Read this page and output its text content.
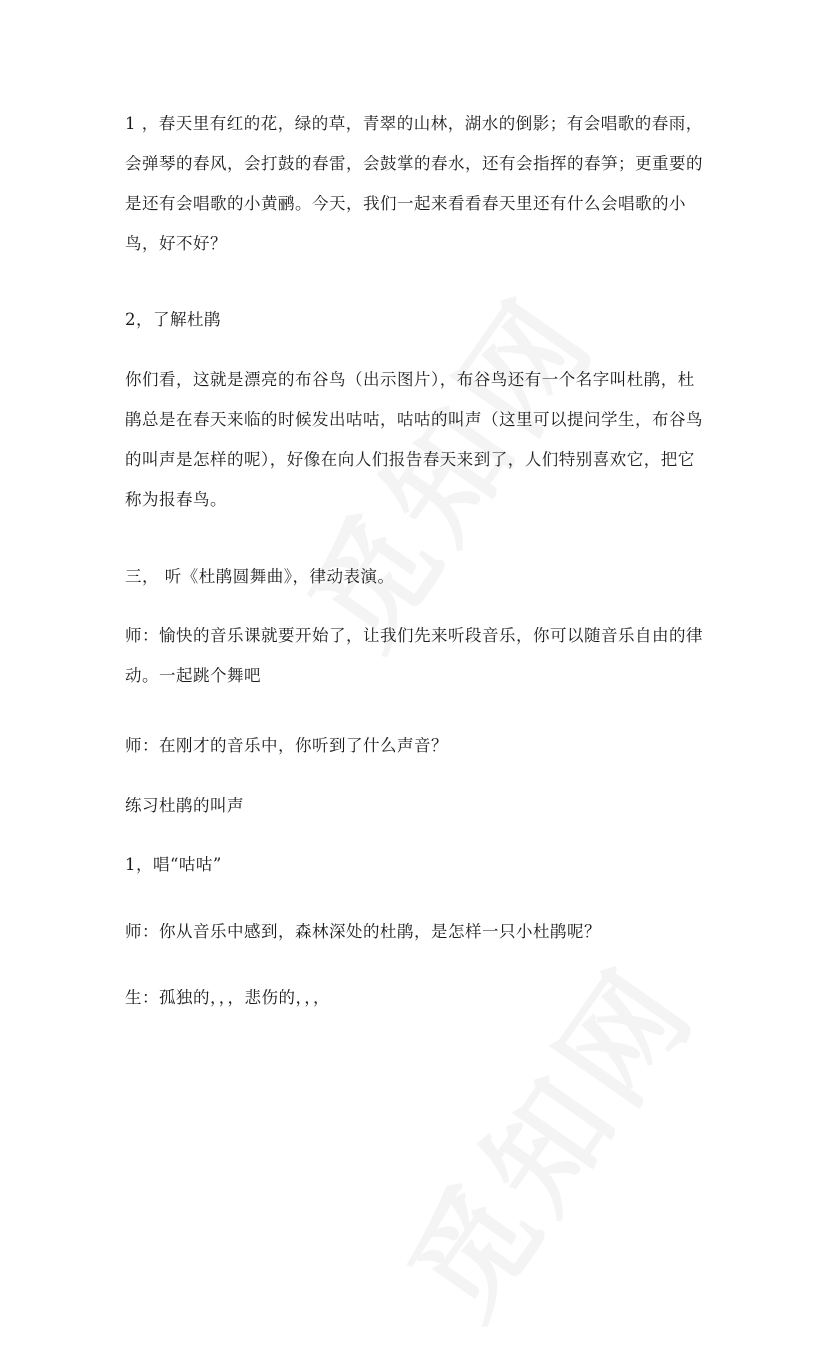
1 ，春天里有红的花，绿的草，青翠的山林，湖水的倒影；有会唱歌的春雨，会弹琴的春风，会打鼓的春雷，会鼓掌的春水，还有会指挥的春笋；更重要的是还有会唱歌的小黄鹂。今天，我们一起来看看春天里还有什么会唱歌的小鸟，好不好？

2，了解杜鹃

你们看，这就是漂亮的布谷鸟（出示图片），布谷鸟还有一个名字叫杜鹃，杜鹃总是在春天来临的时候发出咕咕，咕咕的叫声（这里可以提问学生，布谷鸟的叫声是怎样的呢），好像在向人们报告春天来到了，人们特别喜欢它，把它称为报春鸟。

三， 听《杜鹃圆舞曲》，律动表演。

师：愉快的音乐课就要开始了，让我们先来听段音乐，你可以随音乐自由的律动。一起跳个舞吧

师：在刚才的音乐中，你听到了什么声音？

练习杜鹃的叫声

1，唱“咕咕”

师：你从音乐中感到，森林深处的杜鹃，是怎样一只小杜鹃呢？

生：孤独的，，，悲伤的，，，
